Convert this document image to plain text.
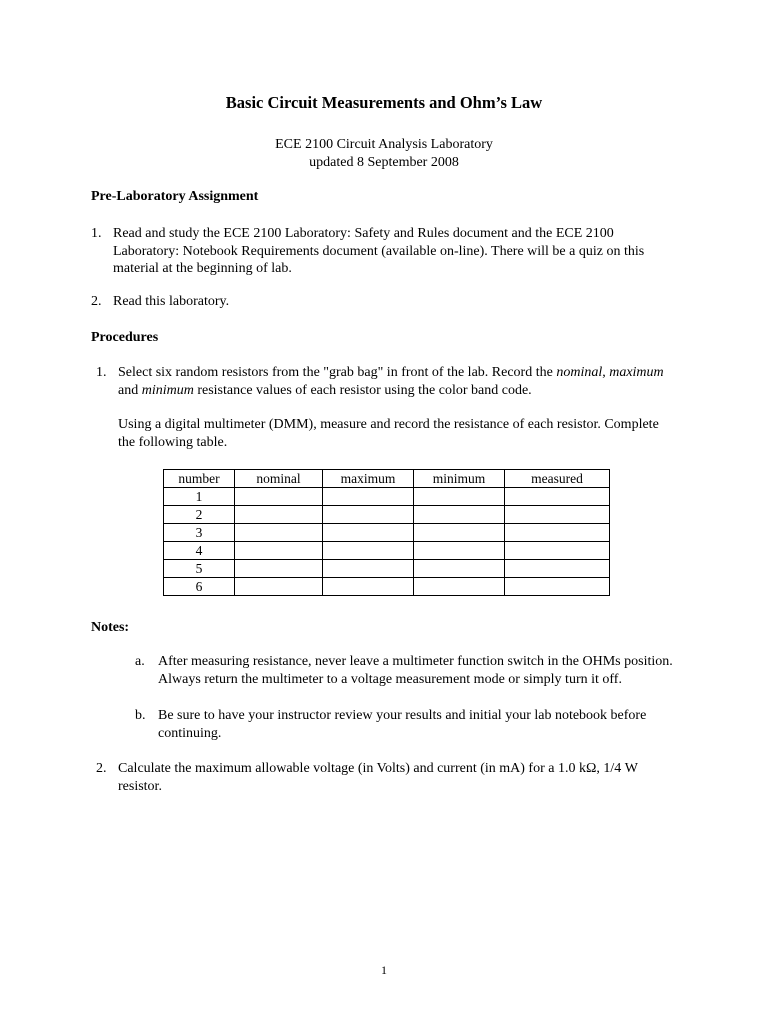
Basic Circuit Measurements and Ohm’s Law
ECE 2100 Circuit Analysis Laboratory
updated 8 September 2008
Pre-Laboratory Assignment
1. Read and study the ECE 2100 Laboratory: Safety and Rules document and the ECE 2100 Laboratory: Notebook Requirements document (available on-line). There will be a quiz on this material at the beginning of lab.
2. Read this laboratory.
Procedures
1. Select six random resistors from the "grab bag" in front of the lab. Record the nominal, maximum and minimum resistance values of each resistor using the color band code.
Using a digital multimeter (DMM), measure and record the resistance of each resistor. Complete the following table.
number	nominal	maximum	minimum	measured
1				
2				
3				
4				
5				
6				
Notes:
a. After measuring resistance, never leave a multimeter function switch in the OHMs position. Always return the multimeter to a voltage measurement mode or simply turn it off.
b. Be sure to have your instructor review your results and initial your lab notebook before continuing.
2. Calculate the maximum allowable voltage (in Volts) and current (in mA) for a 1.0 kΩ, 1/4 W resistor.
1
